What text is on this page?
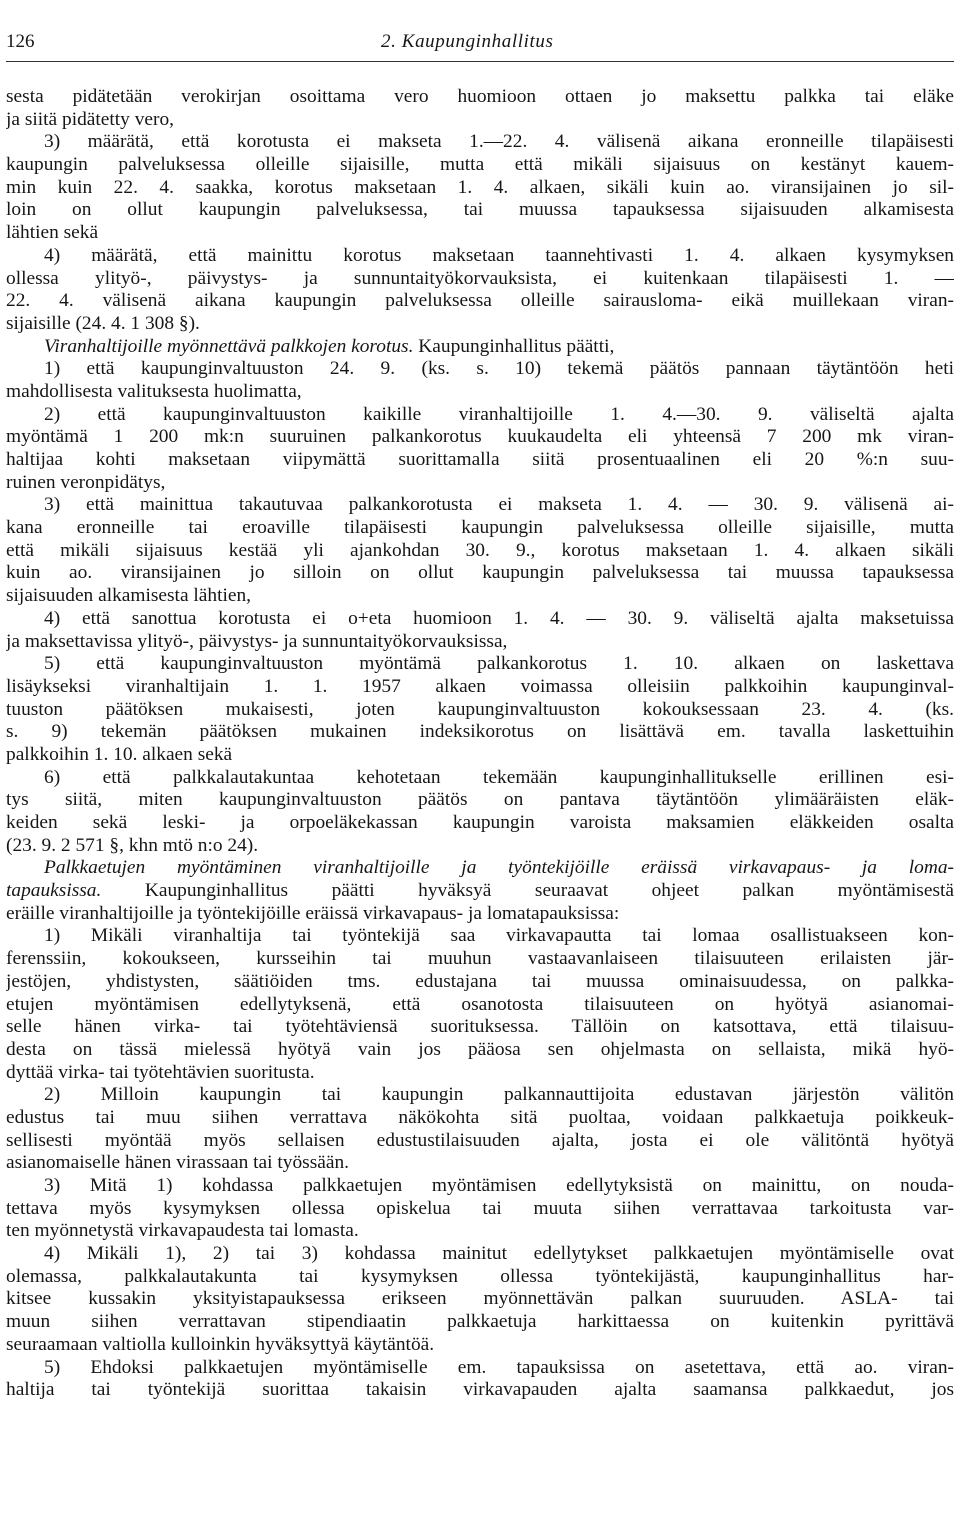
126	2. Kaupunginhallitus
sesta pidätetään verokirjan osoittama vero huomioon ottaen jo maksettu palkka tai eläke
ja siitä pidätetty vero,
3) määrätä, että korotusta ei makseta 1.—22. 4. välisenä aikana eronneille tilapäisesti
kaupungin palveluksessa olleille sijaisille, mutta että mikäli sijaisuus on kestänyt kauem-
min kuin 22. 4. saakka, korotus maksetaan 1. 4. alkaen, sikäli kuin ao. viransijainen jo sil-
loin on ollut kaupungin palveluksessa, tai muussa tapauksessa sijaisuuden alkamisesta
lähtien sekä
4) määrätä, että mainittu korotus maksetaan taannehtivasti 1. 4. alkaen kysymyksen
ollessa ylityö-, päivystys- ja sunnuntaityökorvauksista, ei kuitenkaan tilapäisesti 1. —
22. 4. välisenä aikana kaupungin palveluksessa olleille sairausloma- eikä muillekaan viran-
sijaisille (24. 4. 1 308 §).
Viranhaltijoille myönnettävä palkkojen korotus. Kaupunginhallitus päätti,
1) että kaupunginvaltuuston 24. 9. (ks. s. 10) tekemä päätös pannaan täytäntöön heti
mahdollisesta valituksesta huolimatta,
2) että kaupunginvaltuuston kaikille viranhaltijoille 1. 4.—30. 9. väliseltä ajalta
myöntämä 1 200 mk:n suuruinen palkankorotus kuukaudelta eli yhteensä 7 200 mk viran-
haltijaa kohti maksetaan viipymättä suorittamalla siitä prosentuaalinen eli 20 %:n suu-
ruinen veronpidätys,
3) että mainittua takautuvaa palkankorotusta ei makseta 1. 4. — 30. 9. välisenä ai-
kana eronneille tai eroaville tilapäisesti kaupungin palveluksessa olleille sijaisille, mutta
että mikäli sijaisuus kestää yli ajankohdan 30. 9., korotus maksetaan 1. 4. alkaen sikäli
kuin ao. viransijainen jo silloin on ollut kaupungin palveluksessa tai muussa tapauksessa
sijaisuuden alkamisesta lähtien,
4) että sanottua korotusta ei o+eta huomioon 1. 4. — 30. 9. väliseltä ajalta maksetuissa
ja maksettavissa ylityö-, päivystys- ja sunnuntaityökorvauksissa,
5) että kaupunginvaltuuston myöntämä palkankorotus 1. 10. alkaen on laskettava
lisäykseksi viranhaltijain 1. 1. 1957 alkaen voimassa olleisiin palkkoihin kaupunginval-
tuuston päätöksen mukaisesti, joten kaupunginvaltuuston kokouksessaan 23. 4. (ks.
s. 9) tekemän päätöksen mukainen indeksikorotus on lisättävä em. tavalla laskettuihin
palkkoihin 1. 10. alkaen sekä
6) että palkkalautakuntaa kehotetaan tekemään kaupunginhallitukselle erillinen esi-
tys siitä, miten kaupunginvaltuuston päätös on pantava täytäntöön ylimääräisten eläk-
keiden sekä leski- ja orpoeläkekassan kaupungin varoista maksamien eläkkeiden osalta
(23. 9. 2 571 §, khn mtö n:o 24).
Palkkaetujen myöntäminen viranhaltijoille ja työntekijöille eräissä virkavapaus- ja loma-
tapauksissa. Kaupunginhallitus päätti hyväksyä seuraavat ohjeet palkan myöntämisestä
eräille viranhaltijoille ja työntekijöille eräissä virkavapaus- ja lomatapauksissa:
1) Mikäli viranhaltija tai työntekijä saa virkavapautta tai lomaa osallistuakseen kon-
ferenssiin, kokoukseen, kursseihin tai muuhun vastaavanlaiseen tilaisuuteen erilaisten jär-
jestöjen, yhdistysten, säätiöiden tms. edustajana tai muussa ominaisuudessa, on palkka-
etujen myöntämisen edellytyksenä, että osanotosta tilaisuuteen on hyötyä asianomai-
selle hänen virka- tai työtehtäviensä suorituksessa. Tällöin on katsottava, että tilaisuu-
desta on tässä mielessä hyötyä vain jos pääosa sen ohjelmasta on sellaista, mikä hyö-
dyttää virka- tai työtehtävien suoritusta.
2) Milloin kaupungin tai kaupungin palkannauttijoita edustavan järjestön välitön
edustus tai muu siihen verrattava näkökohta sitä puoltaa, voidaan palkkaetuja poikkeuk-
sellisesti myöntää myös sellaisen edustustilaisuuden ajalta, josta ei ole välitöntä hyötyä
asianomaiselle hänen virassaan tai työssään.
3) Mitä 1) kohdassa palkkaetujen myöntämisen edellytyksistä on mainittu, on nouda-
tettava myös kysymyksen ollessa opiskelua tai muuta siihen verrattavaa tarkoitusta var-
ten myönnetystä virkavapaudesta tai lomasta.
4) Mikäli 1), 2) tai 3) kohdassa mainitut edellytykset palkkaetujen myöntämiselle ovat
olemassa, palkkalautakunta tai kysymyksen ollessa työntekijästä, kaupunginhallitus har-
kitsee kussakin yksityistapauksessa erikseen myönnettävän palkan suuruuden. ASLA- tai
muun siihen verrattavan stipendiaatin palkkaetuja harkittaessa on kuitenkin pyrittävä
seuraamaan valtiolla kulloinkin hyväksyttyä käytäntöä.
5) Ehdoksi palkkaetujen myöntämiselle em. tapauksissa on asetettava, että ao. viran-
haltija tai työntekijä suorittaa takaisin virkavapauden ajalta saamansa palkkaedut, jos
